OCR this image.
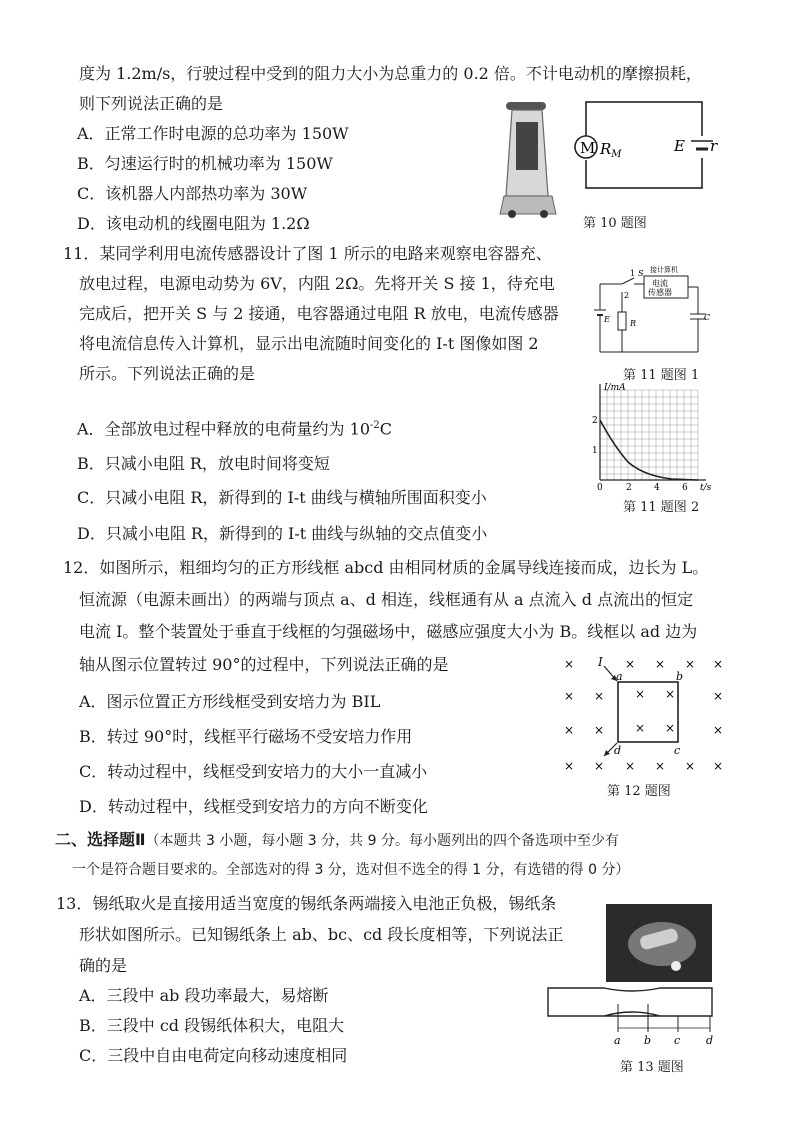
度为 1.2m/s，行驶过程中受到的阻力大小为总重力的 0.2 倍。不计电动机的摩擦损耗，
则下列说法正确的是
A．正常工作时电源的总功率为 150W
B．匀速运行时的机械功率为 150W
C．该机器人内部热功率为 30W
D．该电动机的线圈电阻为 1.2Ω
M $R_M$	E r
第 10 题图
11．某同学利用电流传感器设计了图 1 所示的电路来观察电容器充、
放电过程，电源电动势为 6V，内阻 2Ω。先将开关 S 接 1，待充电
完成后，把开关 S 与 2 接通，电容器通过电阻 R 放电，电流传感器
将电流信息传入计算机，显示出电流随时间变化的 I-t 图像如图 2
所示。下列说法正确的是
A．全部放电过程中释放的电荷量约为 $10^{-2}C$
B．只减小电阻 R，放电时间将变短
C．只减小电阻 R，新得到的 I-t 曲线与横轴所围面积变小
D．只减小电阻 R，新得到的 I-t 曲线与纵轴的交点值变小
电流
传感器
接计算机
C
E	R
1
2
S
第 11 题图 1
I/mA
t/s
2
1
0	2 4 6
第 11 题图 2
12．如图所示，粗细均匀的正方形线框 abcd 由相同材质的金属导线连接而成，边长为 L。
恒流源（电源未画出）的两端与顶点 a、d 相连，线框通有从 a 点流入 d 点流出的恒定
电流 I。整个装置处于垂直于线框的匀强磁场中，磁感应强度大小为 B。线框以 ad 边为
轴从图示位置转过 90°的过程中，下列说法正确的是
A．图示位置正方形线框受到安培力为 BIL
B．转过 90°时，线框平行磁场不受安培力作用
C．转动过程中，线框受到安培力的大小一直减小
D．转动过程中，线框受到安培力的方向不断变化
×	× × × ×
× ×	×
× ×	×
× × × × × ×
× ×
× ×
I
a	b
c
d
第 12 题图
二、选择题Ⅱ（本题共 3 小题，每小题 3 分，共 9 分。每小题列出的四个备选项中至少有
一个是符合题目要求的。全部选对的得 3 分，选对但不选全的得 1 分，有选错的得 0 分）
13．锡纸取火是直接用适当宽度的锡纸条两端接入电池正负极，锡纸条
形状如图所示。已知锡纸条上 ab、bc、cd 段长度相等，下列说法正
确的是
A．三段中 ab 段功率最大，易熔断
B．三段中 cd 段锡纸体积大，电阻大
C．三段中自由电荷定向移动速度相同
a b c d
第 13 题图
